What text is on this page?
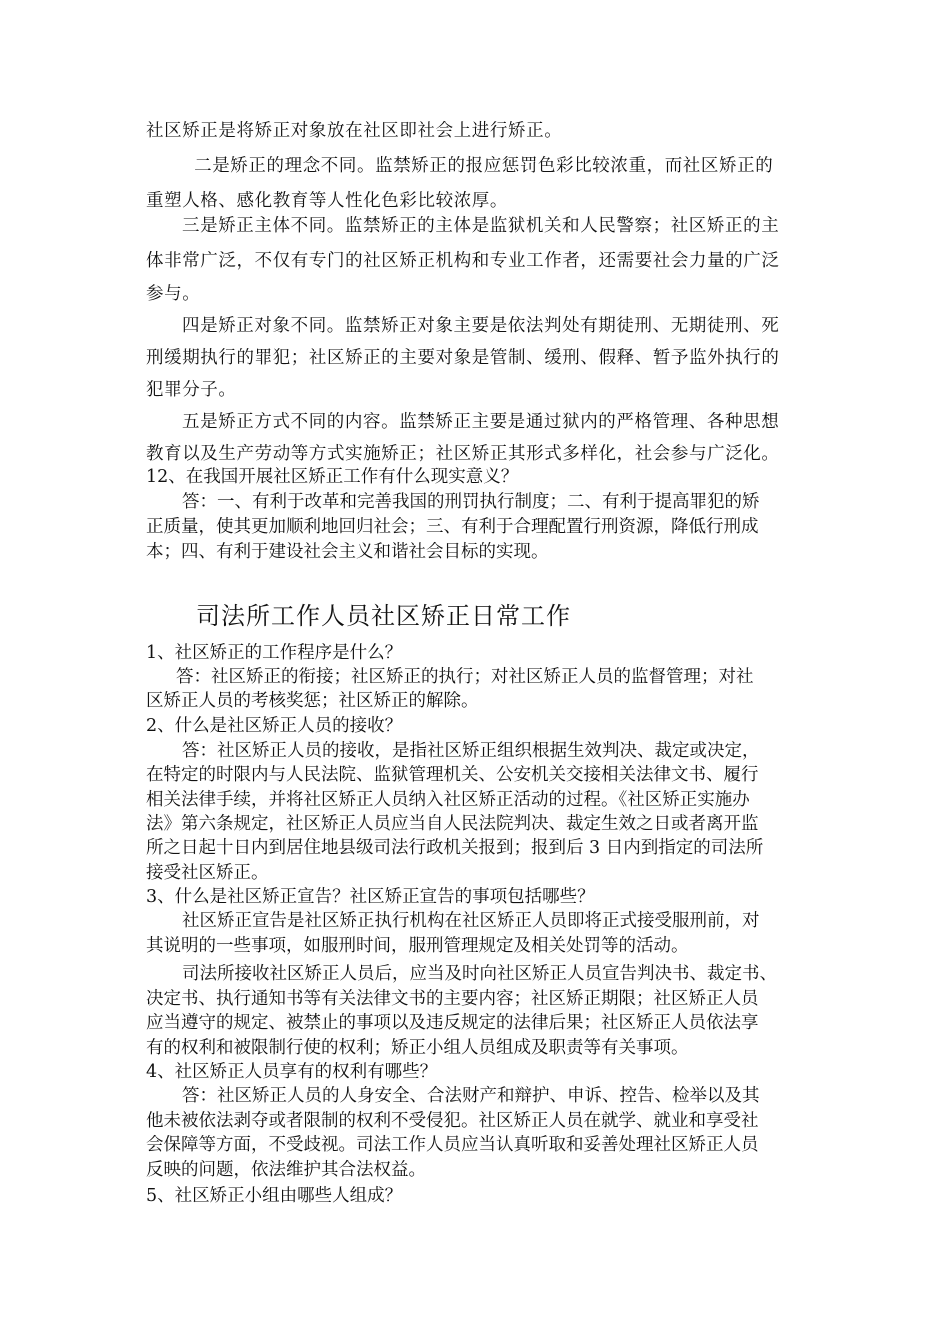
社区矫正是将矫正对象放在社区即社会上进行矫正。
　二是矫正的理念不同。监禁矫正的报应惩罚色彩比较浓重，而社区矫正的
重塑人格、感化教育等人性化色彩比较浓厚。
三是矫正主体不同。监禁矫正的主体是监狱机关和人民警察；社区矫正的主
体非常广泛，不仅有专门的社区矫正机构和专业工作者，还需要社会力量的广泛
参与。
四是矫正对象不同。监禁矫正对象主要是依法判处有期徒刑、无期徒刑、死
刑缓期执行的罪犯；社区矫正的主要对象是管制、缓刑、假释、暂予监外执行的
犯罪分子。
五是矫正方式不同的内容。监禁矫正主要是通过狱内的严格管理、各种思想
教育以及生产劳动等方式实施矫正；社区矫正其形式多样化，社会参与广泛化。
12、在我国开展社区矫正工作有什么现实意义？
答：一、有利于改革和完善我国的刑罚执行制度；二、有利于提高罪犯的矫
正质量，使其更加顺利地回归社会；三、有利于合理配置行刑资源，降低行刑成
本；四、有利于建设社会主义和谐社会目标的实现。
司法所工作人员社区矫正日常工作
1、社区矫正的工作程序是什么？
答：社区矫正的衔接；社区矫正的执行；对社区矫正人员的监督管理；对社
区矫正人员的考核奖惩；社区矫正的解除。
2、什么是社区矫正人员的接收？
答：社区矫正人员的接收，是指社区矫正组织根据生效判决、裁定或决定，
在特定的时限内与人民法院、监狱管理机关、公安机关交接相关法律文书、履行
相关法律手续，并将社区矫正人员纳入社区矫正活动的过程。《社区矫正实施办
法》第六条规定，社区矫正人员应当自人民法院判决、裁定生效之日或者离开监
所之日起十日内到居住地县级司法行政机关报到；报到后 3 日内到指定的司法所
接受社区矫正。
3、什么是社区矫正宣告？社区矫正宣告的事项包括哪些？
社区矫正宣告是社区矫正执行机构在社区矫正人员即将正式接受服刑前，对
其说明的一些事项，如服刑时间，服刑管理规定及相关处罚等的活动。
司法所接收社区矫正人员后，应当及时向社区矫正人员宣告判决书、裁定书、
决定书、执行通知书等有关法律文书的主要内容；社区矫正期限；社区矫正人员
应当遵守的规定、被禁止的事项以及违反规定的法律后果；社区矫正人员依法享
有的权利和被限制行使的权利；矫正小组人员组成及职责等有关事项。
4、社区矫正人员享有的权利有哪些？
答：社区矫正人员的人身安全、合法财产和辩护、申诉、控告、检举以及其
他未被依法剥夺或者限制的权利不受侵犯。社区矫正人员在就学、就业和享受社
会保障等方面，不受歧视。司法工作人员应当认真听取和妥善处理社区矫正人员
反映的问题，依法维护其合法权益。
5、社区矫正小组由哪些人组成？
